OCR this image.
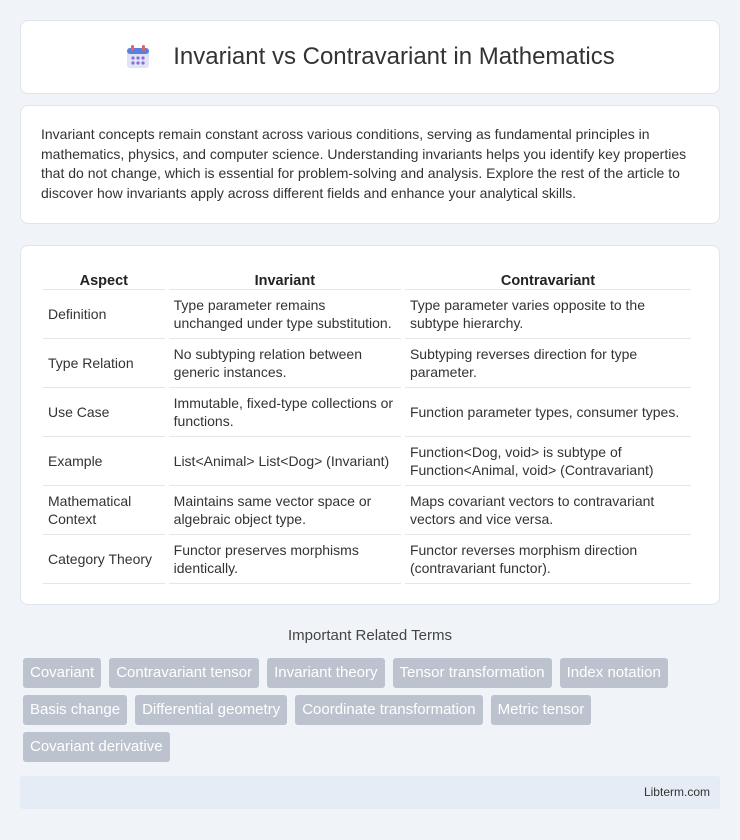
Invariant vs Contravariant in Mathematics

Invariant concepts remain constant across various conditions, serving as fundamental principles in mathematics, physics, and computer science. Understanding invariants helps you identify key properties that do not change, which is essential for problem-solving and analysis. Explore the rest of the article to discover how invariants apply across different fields and enhance your analytical skills.

Aspect	Invariant	Contravariant
Definition	Type parameter remains unchanged under type substitution.	Type parameter varies opposite to the subtype hierarchy.
Type Relation	No subtyping relation between generic instances.	Subtyping reverses direction for type parameter.
Use Case	Immutable, fixed-type collections or functions.	Function parameter types, consumer types.
Example	List<Animal> List<Dog> (Invariant)	Function<Dog, void> is subtype of Function<Animal, void> (Contravariant)
Mathematical Context	Maintains same vector space or algebraic object type.	Maps covariant vectors to contravariant vectors and vice versa.
Category Theory	Functor preserves morphisms identically.	Functor reverses morphism direction (contravariant functor).
Important Related Terms
Covariant	Contravariant tensor	Invariant theory	Tensor transformation	Index notation
Basis change	Differential geometry	Coordinate transformation	Metric tensor
Covariant derivative
Libterm.com
